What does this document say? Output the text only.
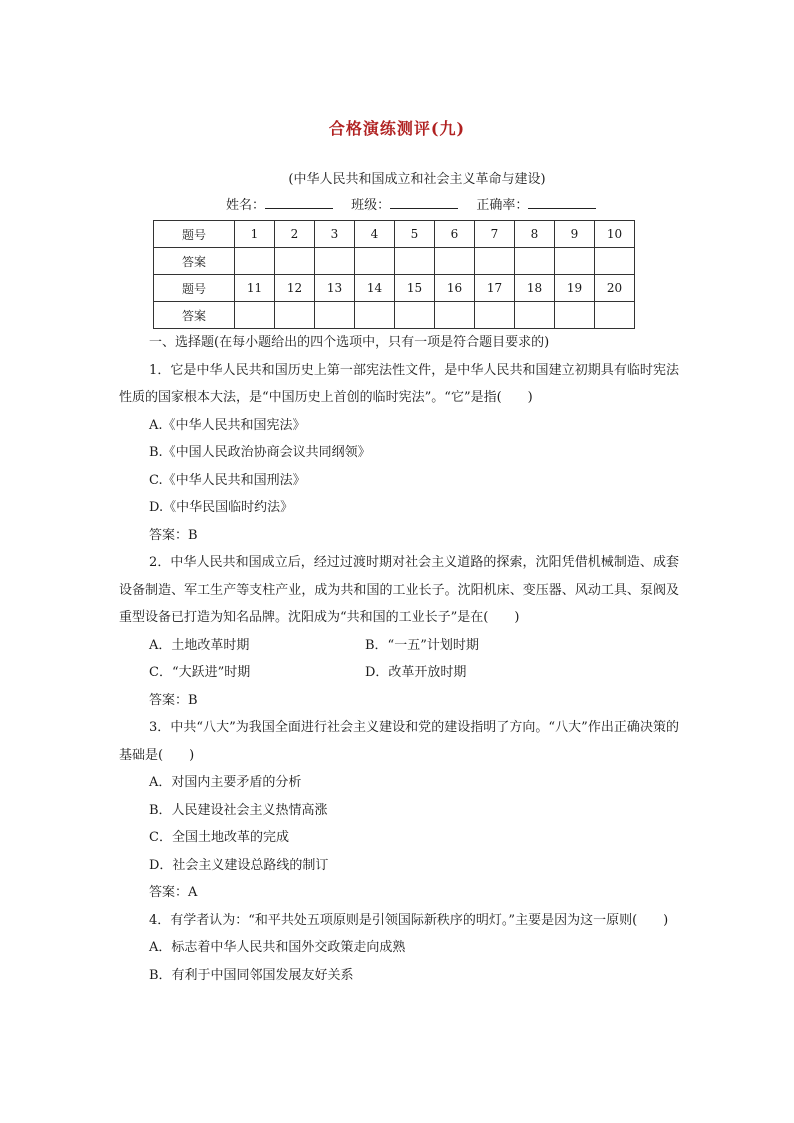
合格演练测评(九)
(中华人民共和国成立和社会主义革命与建设)
姓名：	班级：	正确率：
题号	1	2	3	4	5	6	7	8	9	10
答案										
题号	11	12	13	14	15	16	17	18	19	20
答案										

一、选择题(在每小题给出的四个选项中，只有一项是符合题目要求的)

1．它是中华人民共和国历史上第一部宪法性文件，是中华人民共和国建立初期具有临时宪法性质的国家根本大法，是“中国历史上首创的临时宪法”。“它”是指(　　)

A.《中华人民共和国宪法》

B.《中国人民政治协商会议共同纲领》

C.《中华人民共和国刑法》

D.《中华民国临时约法》

答案：B

2．中华人民共和国成立后，经过过渡时期对社会主义道路的探索，沈阳凭借机械制造、成套设备制造、军工生产等支柱产业，成为共和国的工业长子。沈阳机床、变压器、风动工具、泵阀及重型设备已打造为知名品牌。沈阳成为“共和国的工业长子”是在(　　)

A．土地改革时期	B．“一五”计划时期
C．“大跃进”时期	D．改革开放时期

答案：B

3．中共“八大”为我国全面进行社会主义建设和党的建设指明了方向。“八大”作出正确决策的基础是(　　)

A．对国内主要矛盾的分析

B．人民建设社会主义热情高涨

C．全国土地改革的完成

D．社会主义建设总路线的制订

答案：A

4．有学者认为：“和平共处五项原则是引领国际新秩序的明灯。”主要是因为这一原则(　　)

A．标志着中华人民共和国外交政策走向成熟

B．有利于中国同邻国发展友好关系
